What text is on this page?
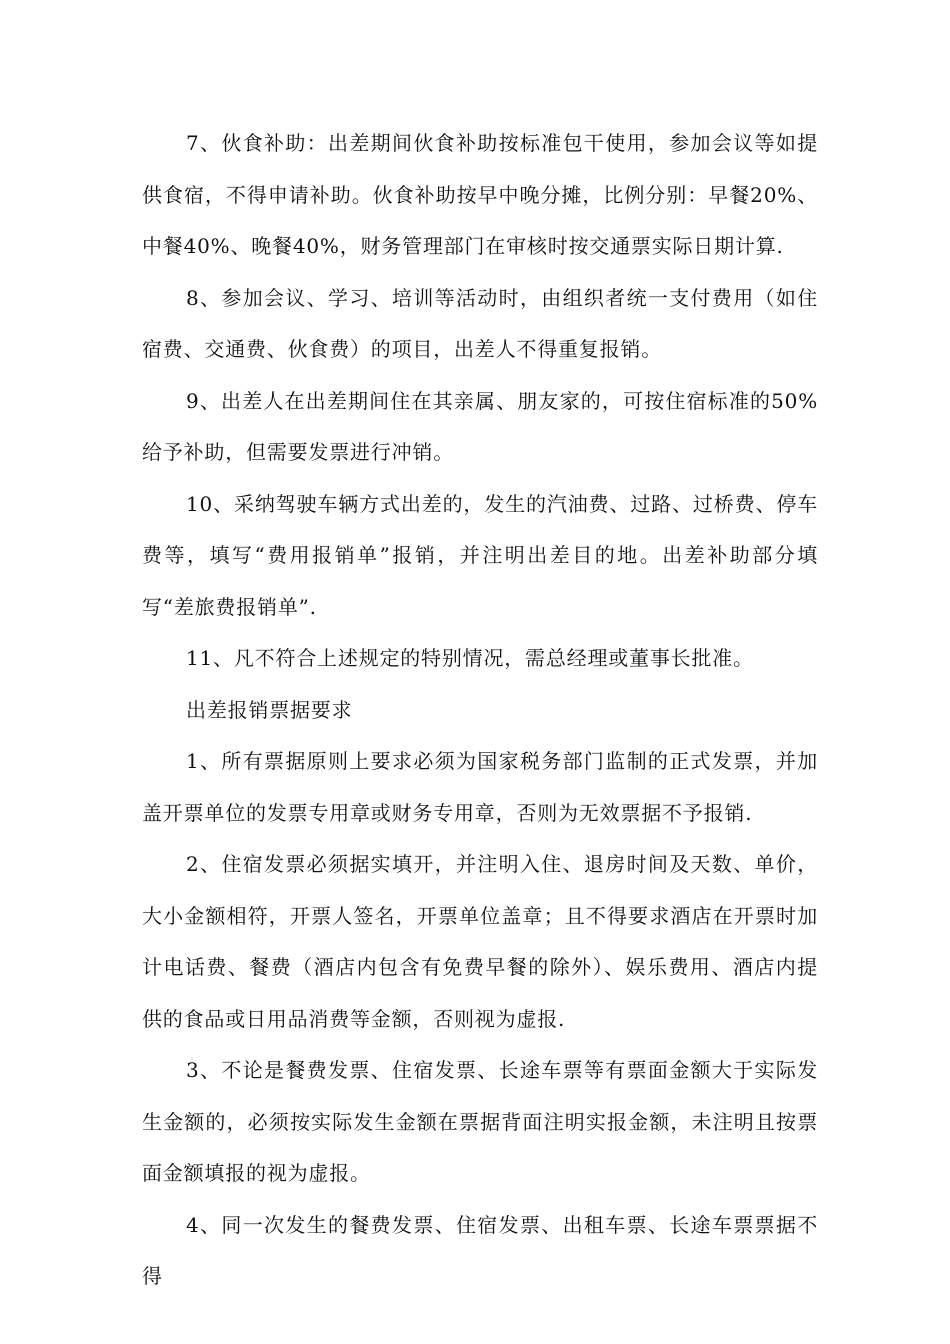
7、伙食补助：出差期间伙食补助按标准包干使用，参加会议等如提供食宿，不得申请补助。伙食补助按早中晚分摊，比例分别：早餐20%、中餐40%、晚餐40%，财务管理部门在审核时按交通票实际日期计算.

8、参加会议、学习、培训等活动时，由组织者统一支付费用（如住宿费、交通费、伙食费）的项目，出差人不得重复报销。

9、出差人在出差期间住在其亲属、朋友家的，可按住宿标准的50%给予补助，但需要发票进行冲销。

10、采纳驾驶车辆方式出差的，发生的汽油费、过路、过桥费、停车费等，填写“费用报销单”报销，并注明出差目的地。出差补助部分填写“差旅费报销单”.

11、凡不符合上述规定的特别情况，需总经理或董事长批准。

出差报销票据要求

1、所有票据原则上要求必须为国家税务部门监制的正式发票，并加盖开票单位的发票专用章或财务专用章，否则为无效票据不予报销.

2、住宿发票必须据实填开，并注明入住、退房时间及天数、单价，大小金额相符，开票人签名，开票单位盖章；且不得要求酒店在开票时加计电话费、餐费（酒店内包含有免费早餐的除外）、娱乐费用、酒店内提供的食品或日用品消费等金额，否则视为虚报.

3、不论是餐费发票、住宿发票、长途车票等有票面金额大于实际发生金额的，必须按实际发生金额在票据背面注明实报金额，未注明且按票面金额填报的视为虚报。

4、同一次发生的餐费发票、住宿发票、出租车票、长途车票票据不得
